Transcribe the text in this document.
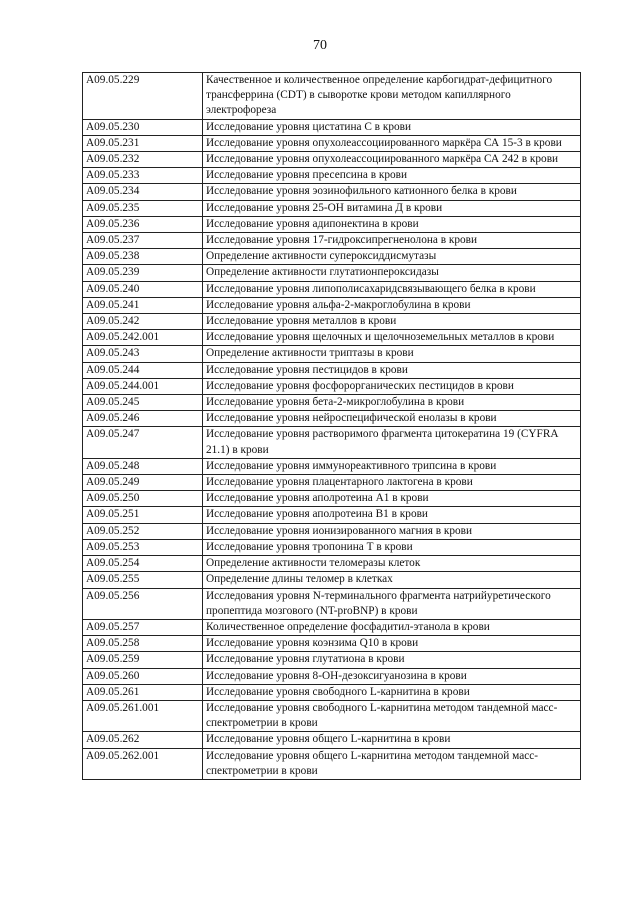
70
A09.05.229	Качественное и количественное определение карбогидрат-дефицитного трансферрина (CDT) в сыворотке крови методом капиллярного электрофореза
A09.05.230	Исследование уровня цистатина С в крови
A09.05.231	Исследование уровня опухолеассоциированного маркёра СА 15-3 в крови
A09.05.232	Исследование уровня опухолеассоциированного маркёра СА 242 в крови
A09.05.233	Исследование уровня пресепсина в крови
A09.05.234	Исследование уровня эозинофильного катионного белка в крови
A09.05.235	Исследование уровня 25-ОН витамина Д в крови
A09.05.236	Исследование уровня адипонектина в крови
A09.05.237	Исследование уровня 17-гидроксипрегненолона в крови
A09.05.238	Определение активности супероксиддисмутазы
A09.05.239	Определение активности глутатионпероксидазы
A09.05.240	Исследование уровня липополисахаридсвязывающего белка в крови
A09.05.241	Исследование уровня альфа-2-макроглобулина в крови
A09.05.242	Исследование уровня металлов в крови
A09.05.242.001	Исследование уровня щелочных и щелочноземельных металлов в крови
A09.05.243	Определение активности триптазы в крови
A09.05.244	Исследование уровня пестицидов в крови
A09.05.244.001	Исследование уровня фосфорорганических пестицидов в крови
A09.05.245	Исследование уровня бета-2-микроглобулина в крови
A09.05.246	Исследование уровня нейроспецифической енолазы в крови
A09.05.247	Исследование уровня растворимого фрагмента цитокератина 19 (CYFRA 21.1) в крови
A09.05.248	Исследование уровня иммунореактивного трипсина в крови
A09.05.249	Исследование уровня плацентарного лактогена в крови
A09.05.250	Исследование уровня аполротеина А1 в крови
A09.05.251	Исследование уровня аполротеина В1 в крови
A09.05.252	Исследование уровня ионизированного магния в крови
A09.05.253	Исследование уровня тропонина Т в крови
A09.05.254	Определение активности теломеразы клеток
A09.05.255	Определение длины теломер в клетках
A09.05.256	Исследования уровня N-терминального фрагмента натрийуретического пропептида мозгового (NT-proBNP) в крови
A09.05.257	Количественное определение фосфадитил-этанола в крови
A09.05.258	Исследование уровня коэнзима Q10 в крови
A09.05.259	Исследование уровня глутатиона в крови
A09.05.260	Исследование уровня 8-ОН-дезоксигуанозина в крови
A09.05.261	Исследование уровня свободного L-карнитина в крови
A09.05.261.001	Исследование уровня свободного L-карнитина методом тандемной масс-спектрометрии в крови
A09.05.262	Исследование уровня общего L-карнитина в крови
A09.05.262.001	Исследование уровня общего L-карнитина методом тандемной масс-спектрометрии в крови
